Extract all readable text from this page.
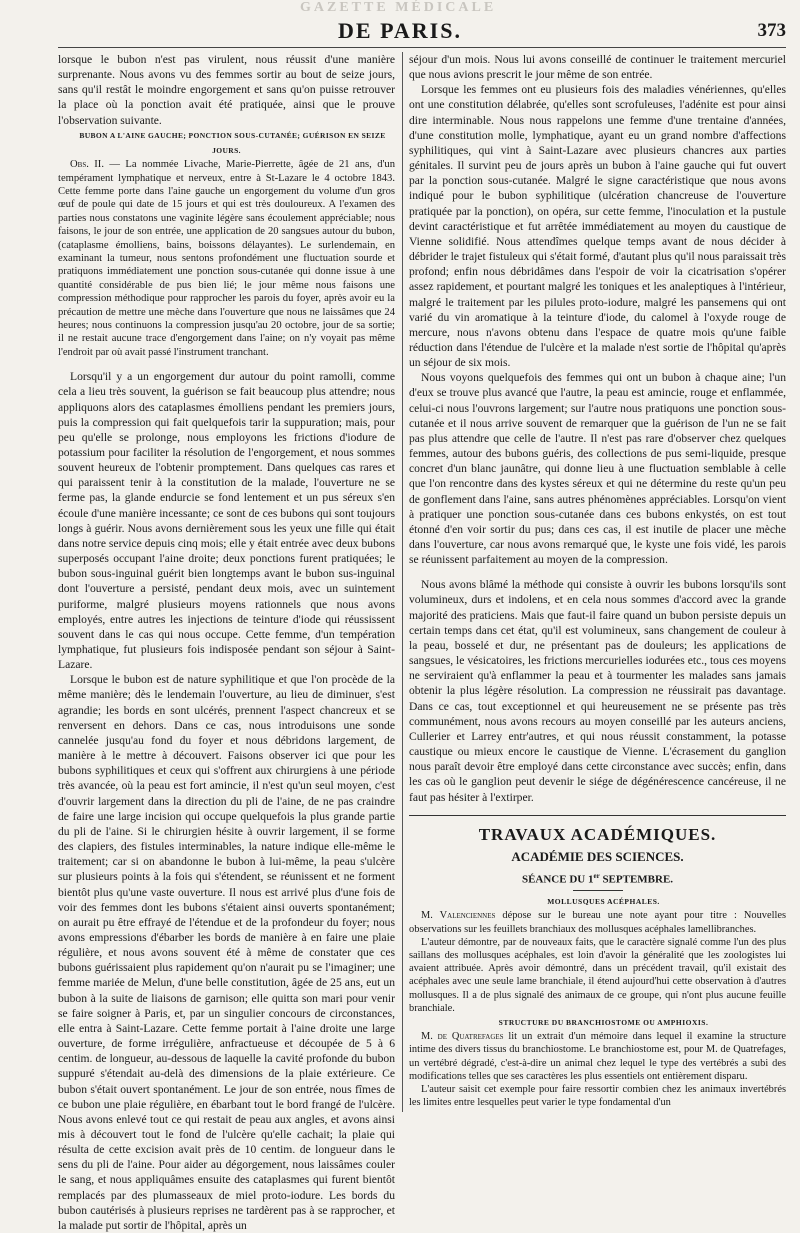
GAZETTE MÉDICALE
DE PARIS.	373

lorsque le bubon n'est pas virulent, nous réussit d'une manière surprenante. Nous avons vu des femmes sortir au bout de seize jours, sans qu'il restât le moindre engorgement et sans qu'on puisse retrouver la place où la ponction avait été pratiquée, ainsi que le prouve l'observation suivante.

BUBON A L'AINE GAUCHE; PONCTION SOUS-CUTANÉE; GUÉRISON EN SEIZE JOURS.

Obs. II. — La nommée Livache, Marie-Pierrette, âgée de 21 ans, d'un tempérament lymphatique et nerveux, entre à St-Lazare le 4 octobre 1843. Cette femme porte dans l'aine gauche un engorgement du volume d'un gros œuf de poule qui date de 15 jours et qui est très douloureux. A l'examen des parties nous constatons une vaginite légère sans écoulement appréciable; nous faisons, le jour de son entrée, une application de 20 sangsues autour du bubon, (cataplasme émolliens, bains, boissons délayantes). Le surlendemain, en examinant la tumeur, nous sentons profondément une fluctuation sourde et pratiquons immédiatement une ponction sous-cutanée qui donne issue à une quantité considérable de pus bien lié; le jour même nous faisons une compression méthodique pour rapprocher les parois du foyer, après avoir eu la précaution de mettre une mèche dans l'ouverture que nous ne laissâmes que 24 heures; nous continuons la compression jusqu'au 20 octobre, jour de sa sortie; il ne restait aucune trace d'engorgement dans l'aine; on n'y voyait pas même l'endroit par où avait passé l'instrument tranchant.

Lorsqu'il y a un engorgement dur autour du point ramolli, comme cela a lieu très souvent, la guérison se fait beaucoup plus attendre; nous appliquons alors des cataplasmes émolliens pendant les premiers jours, puis la compression qui fait quelquefois tarir la suppuration; mais, pour peu qu'elle se prolonge, nous employons les frictions d'iodure de potassium pour faciliter la résolution de l'engorgement, et nous sommes souvent heureux de l'obtenir promptement. Dans quelques cas rares et qui paraissent tenir à la constitution de la malade, l'ouverture ne se ferme pas, la glande endurcie se fond lentement et un pus séreux s'en écoule d'une manière incessante; ce sont de ces bubons qui sont toujours longs à guérir. Nous avons dernièrement sous les yeux une fille qui était dans notre service depuis cinq mois; elle y était entrée avec deux bubons superposés occupant l'aine droite; deux ponctions furent pratiquées; le bubon sous-inguinal guérit bien longtemps avant le bubon sus-inguinal dont l'ouverture a persisté, pendant deux mois, avec un suintement puriforme, malgré plusieurs moyens rationnels que nous avons employés, entre autres les injections de teinture d'iode qui réussissent souvent dans le cas qui nous occupe. Cette femme, d'un températion lymphatique, fut plusieurs fois indisposée pendant son séjour à Saint-Lazare.

Lorsque le bubon est de nature syphilitique et que l'on procède de la même manière; dès le lendemain l'ouverture, au lieu de diminuer, s'est agrandie; les bords en sont ulcérés, prennent l'aspect chancreux et se renversent en dehors. Dans ce cas, nous introduisons une sonde cannelée jusqu'au fond du foyer et nous débridons largement, de manière à le mettre à découvert. Faisons observer ici que pour les bubons syphilitiques et ceux qui s'offrent aux chirurgiens à une période très avancée, où la peau est fort amincie, il n'est qu'un seul moyen, c'est d'ouvrir largement dans la direction du pli de l'aine, de ne pas craindre de faire une large incision qui occupe quelquefois la plus grande partie du pli de l'aine. Si le chirurgien hésite à ouvrir largement, il se forme des clapiers, des fistules interminables, la nature indique elle-même le traitement; car si on abandonne le bubon à lui-même, la peau s'ulcère sur plusieurs points à la fois qui s'étendent, se réunissent et ne forment bientôt plus qu'une vaste ouverture. Il nous est arrivé plus d'une fois de voir des femmes dont les bubons s'étaient ainsi ouverts spontanément; on aurait pu être effrayé de l'étendue et de la profondeur du foyer; nous avons empressions d'ébarber les bords de manière à en faire une plaie régulière, et nous avons souvent été à même de constater que ces bubons guérissaient plus rapidement qu'on n'aurait pu se l'imaginer; une femme mariée de Melun, d'une belle constitution, âgée de 25 ans, eut un bubon à la suite de liaisons de garnison; elle quitta son mari pour venir se faire soigner à Paris, et, par un singulier concours de circonstances, elle entra à Saint-Lazare. Cette femme portait à l'aine droite une large ouverture, de forme irrégulière, anfractueuse et découpée de 5 à 6 centim. de longueur, au-dessous de laquelle la cavité profonde du bubon suppuré s'étendait au-delà des dimensions de la plaie extérieure. Ce bubon s'était ouvert spontanément. Le jour de son entrée, nous fîmes de ce bubon une plaie régulière, en ébarbant tout le bord frangé de l'ulcère. Nous avons enlevé tout ce qui restait de peau aux angles, et avons ainsi mis à découvert tout le fond de l'ulcère qu'elle cachait; la plaie qui résulta de cette excision avait près de 10 centim. de longueur dans le sens du pli de l'aine. Pour aider au dégorgement, nous laissâmes couler le sang, et nous appliquâmes ensuite des cataplasmes qui furent bientôt remplacés par des plumasseaux de miel proto-iodure. Les bords du bubon cautérisés à plusieurs reprises ne tardèrent pas à se rapprocher, et la malade put sortir de l'hôpital, après un

séjour d'un mois. Nous lui avons conseillé de continuer le traitement mercuriel que nous avions prescrit le jour même de son entrée.

Lorsque les femmes ont eu plusieurs fois des maladies vénériennes, qu'elles ont une constitution délabrée, qu'elles sont scrofuleuses, l'adénite est pour ainsi dire interminable. Nous nous rappelons une femme d'une trentaine d'années, d'une constitution molle, lymphatique, ayant eu un grand nombre d'affections syphilitiques, qui vint à Saint-Lazare avec plusieurs chancres aux parties génitales. Il survint peu de jours après un bubon à l'aine gauche qui fut ouvert par la ponction sous-cutanée. Malgré le signe caractéristique que nous avons indiqué pour le bubon syphilitique (ulcération chancreuse de l'ouverture pratiquée par la ponction), on opéra, sur cette femme, l'inoculation et la pustule devint caractéristique et fut arrêtée immédiatement au moyen du caustique de Vienne solidifié. Nous attendîmes quelque temps avant de nous décider à débrider le trajet fistuleux qui s'était formé, d'autant plus qu'il nous paraissait très profond; enfin nous débridâmes dans l'espoir de voir la cicatrisation s'opérer assez rapidement, et pourtant malgré les toniques et les analeptiques à l'intérieur, malgré le traitement par les pilules proto-iodure, malgré les pansemens qui ont varié du vin aromatique à la teinture d'iode, du calomel à l'oxyde rouge de mercure, nous n'avons obtenu dans l'espace de quatre mois qu'une faible réduction dans l'étendue de l'ulcère et la malade n'est sortie de l'hôpital qu'après un séjour de six mois.

Nous voyons quelquefois des femmes qui ont un bubon à chaque aine; l'un d'eux se trouve plus avancé que l'autre, la peau est amincie, rouge et enflammée, celui-ci nous l'ouvrons largement; sur l'autre nous pratiquons une ponction sous-cutanée et il nous arrive souvent de remarquer que la guérison de l'un ne se fait pas plus attendre que celle de l'autre. Il n'est pas rare d'observer chez quelques femmes, autour des bubons guéris, des collections de pus semi-liquide, presque concret d'un blanc jaunâtre, qui donne lieu à une fluctuation semblable à celle que l'on rencontre dans des kystes séreux et qui ne détermine du reste qu'un peu de gonflement dans l'aine, sans autres phénomènes appréciables. Lorsqu'on vient à pratiquer une ponction sous-cutanée dans ces bubons enkystés, on est tout étonné d'en voir sortir du pus; dans ces cas, il est inutile de placer une mèche dans l'ouverture, car nous avons remarqué que, le kyste une fois vidé, les parois se réunissent parfaitement au moyen de la compression.

Nous avons blâmé la méthode qui consiste à ouvrir les bubons lorsqu'ils sont volumineux, durs et indolens, et en cela nous sommes d'accord avec la grande majorité des praticiens. Mais que faut-il faire quand un bubon persiste depuis un certain temps dans cet état, qu'il est volumineux, sans changement de couleur à la peau, bosselé et dur, ne présentant pas de douleurs; les applications de sangsues, le vésicatoires, les frictions mercurielles iodurées etc., tous ces moyens ne serviraient qu'à enflammer la peau et à tourmenter les malades sans jamais obtenir la plus légère résolution. La compression ne réussirait pas davantage. Dans ce cas, tout exceptionnel et qui heureusement ne se présente pas très communément, nous avons recours au moyen conseillé par les auteurs anciens, Cullerier et Larrey entr'autres, et qui nous réussit constamment, la potasse caustique ou mieux encore le caustique de Vienne. L'écrasement du ganglion nous paraît devoir être employé dans cette circonstance avec succès; enfin, dans les cas où le ganglion peut devenir le siége de dégénérescence cancéreuse, il ne faut pas hésiter à l'extirper.

TRAVAUX ACADÉMIQUES.
ACADÉMIE DES SCIENCES.
SÉANCE DU 1er SEPTEMBRE.

MOLLUSQUES ACÉPHALES.

M. Valenciennes dépose sur le bureau une note ayant pour titre : Nouvelles observations sur les feuillets branchiaux des mollusques acéphales lamellibranches.

L'auteur démontre, par de nouveaux faits, que le caractère signalé comme l'un des plus saillans des mollusques acéphales, est loin d'avoir la généralité que les zoologistes lui avaient attribuée. Après avoir démontré, dans un précédent travail, qu'il existait des acéphales avec une seule lame branchiale, il étend aujourd'hui cette observation à d'autres mollusques. Il a de plus signalé des animaux de ce groupe, qui n'ont plus aucune feuille branchiale.

STRUCTURE DU BRANCHIOSTOME OU AMPHIOXIS.

M. de Quatrefages lit un extrait d'un mémoire dans lequel il examine la structure intime des divers tissus du branchiostome. Le branchiostome est, pour M. de Quatrefages, un vertébré dégradé, c'est-à-dire un animal chez lequel le type des vertébrés a subi des modifications telles que ses caractères les plus essentiels ont entièrement disparu.

L'auteur saisit cet exemple pour faire ressortir combien chez les animaux invertébrés les limites entre lesquelles peut varier le type fondamental d'un
